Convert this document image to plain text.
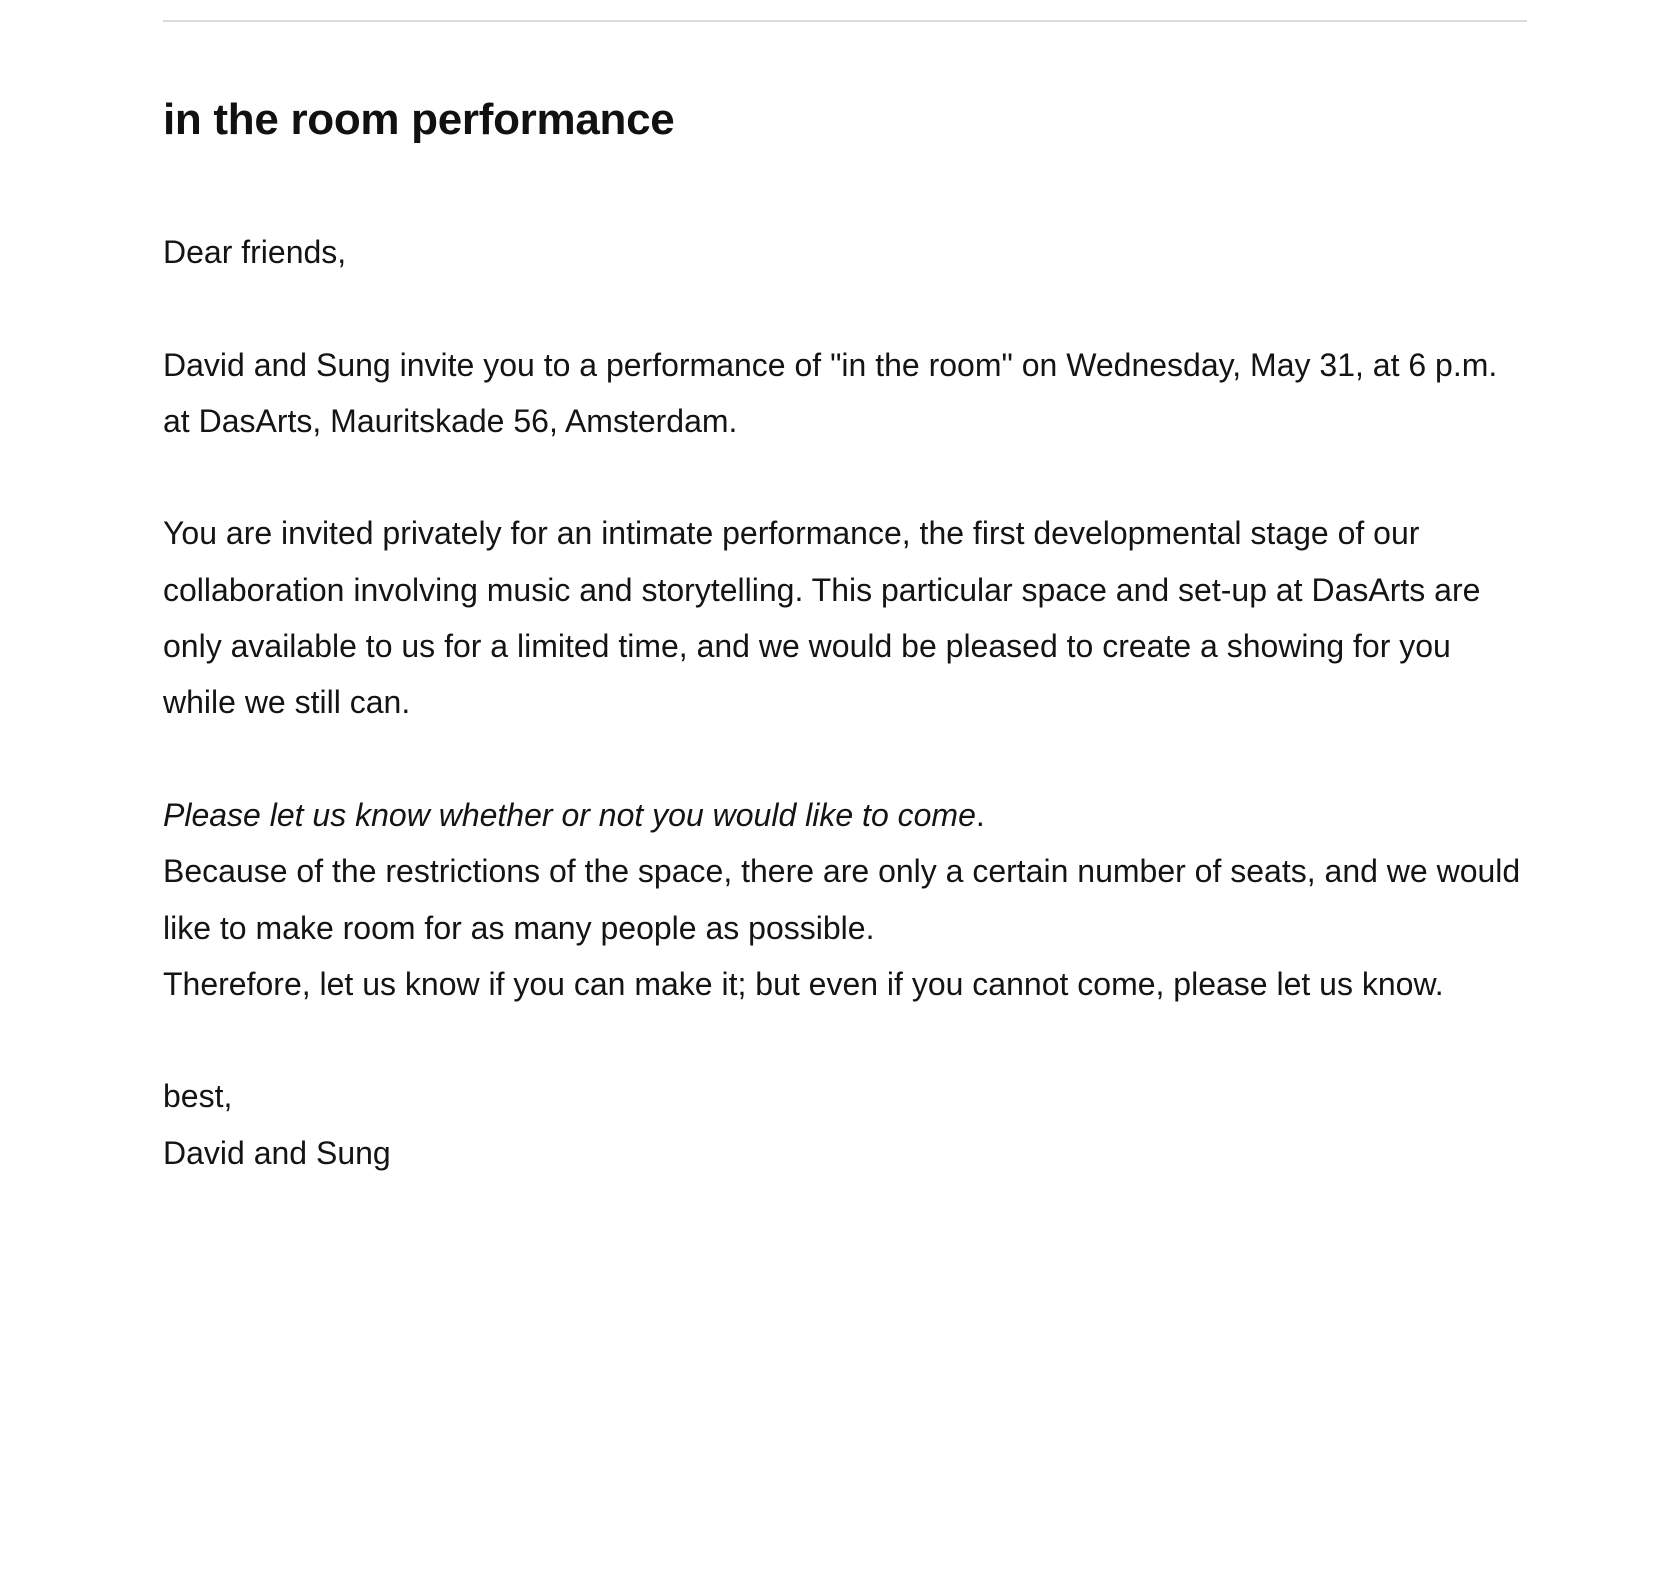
in the room performance

Dear friends,

David and Sung invite you to a performance of "in the room" on Wednesday, May 31, at 6 p.m. at DasArts, Mauritskade 56, Amsterdam.

You are invited privately for an intimate performance, the first developmental stage of our collaboration involving music and storytelling. This particular space and set-up at DasArts are only available to us for a limited time, and we would be pleased to create a showing for you while we still can.

Please let us know whether or not you would like to come.

Because of the restrictions of the space, there are only a certain number of seats, and we would like to make room for as many people as possible.

Therefore, let us know if you can make it; but even if you cannot come, please let us know.

best,

David and Sung
